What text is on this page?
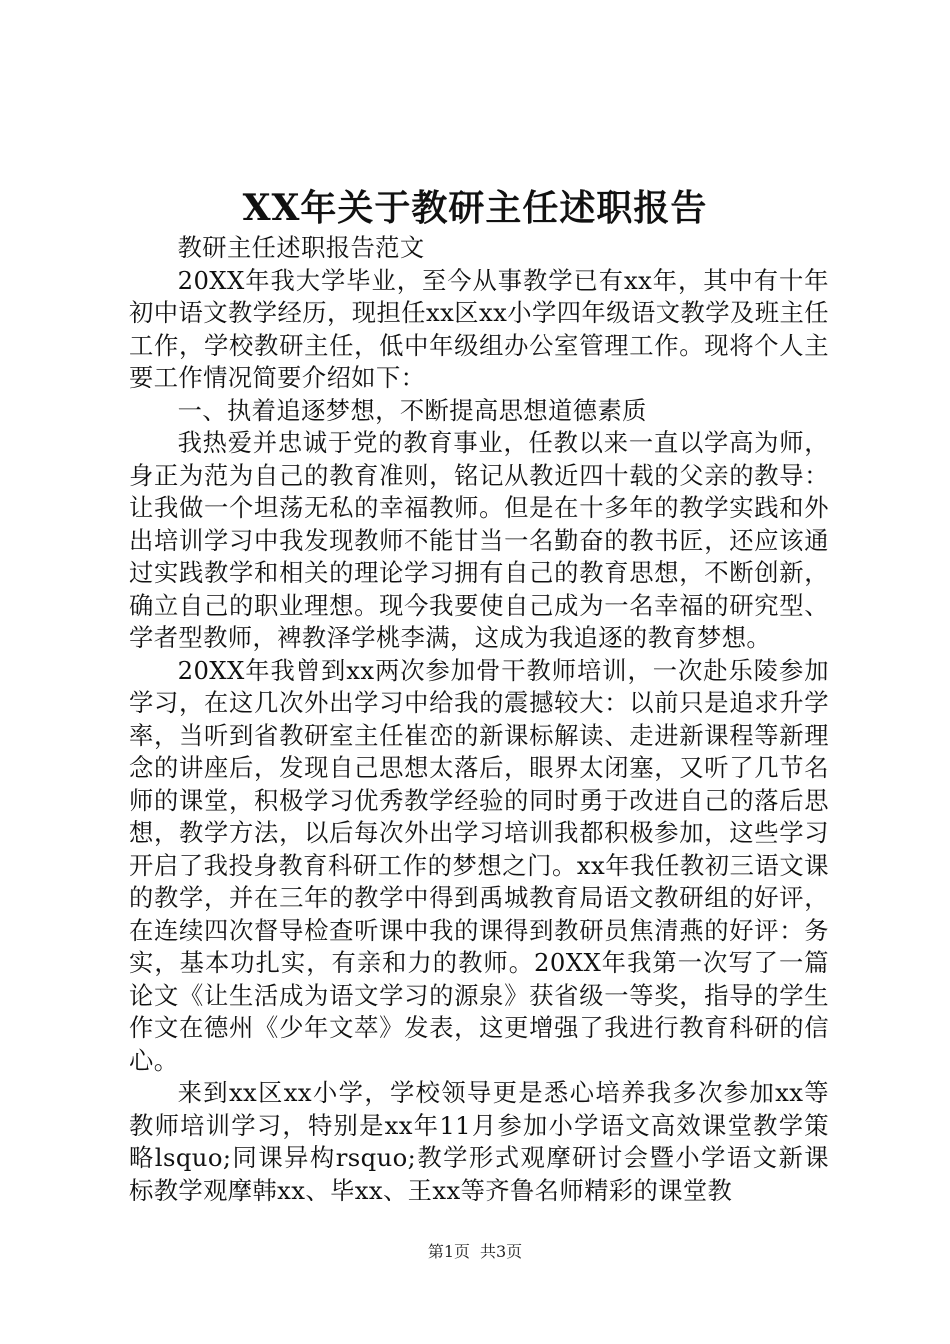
XX年关于教研主任述职报告

教研主任述职报告范文

20XX年我大学毕业，至今从事教学已有xx年，其中有十年初中语文教学经历，现担任xx区xx小学四年级语文教学及班主任工作，学校教研主任，低中年级组办公室管理工作。现将个人主要工作情况简要介绍如下：

一、执着追逐梦想，不断提高思想道德素质

我热爱并忠诚于党的教育事业，任教以来一直以学高为师，身正为范为自己的教育准则，铭记从教近四十载的父亲的教导：让我做一个坦荡无私的幸福教师。但是在十多年的教学实践和外出培训学习中我发现教师不能甘当一名勤奋的教书匠，还应该通过实践教学和相关的理论学习拥有自己的教育思想，不断创新，确立自己的职业理想。现今我要使自己成为一名幸福的研究型、学者型教师，裨教泽学桃李满，这成为我追逐的教育梦想。

20XX年我曾到xx两次参加骨干教师培训，一次赴乐陵参加学习，在这几次外出学习中给我的震撼较大：以前只是追求升学率，当听到省教研室主任崔峦的新课标解读、走进新课程等新理念的讲座后，发现自己思想太落后，眼界太闭塞，又听了几节名师的课堂，积极学习优秀教学经验的同时勇于改进自己的落后思想，教学方法，以后每次外出学习培训我都积极参加，这些学习开启了我投身教育科研工作的梦想之门。xx年我任教初三语文课的教学，并在三年的教学中得到禹城教育局语文教研组的好评，在连续四次督导检查听课中我的课得到教研员焦清燕的好评：务实，基本功扎实，有亲和力的教师。20XX年我第一次写了一篇论文《让生活成为语文学习的源泉》获省级一等奖，指导的学生作文在德州《少年文萃》发表，这更增强了我进行教育科研的信心。

来到xx区xx小学，学校领导更是悉心培养我多次参加xx等教师培训学习，特别是xx年11月参加小学语文高效课堂教学策略lsquo;同课异构rsquo;教学形式观摩研讨会暨小学语文新课标教学观摩韩xx、毕xx、王xx等齐鲁名师精彩的课堂教

第1页 共3页
